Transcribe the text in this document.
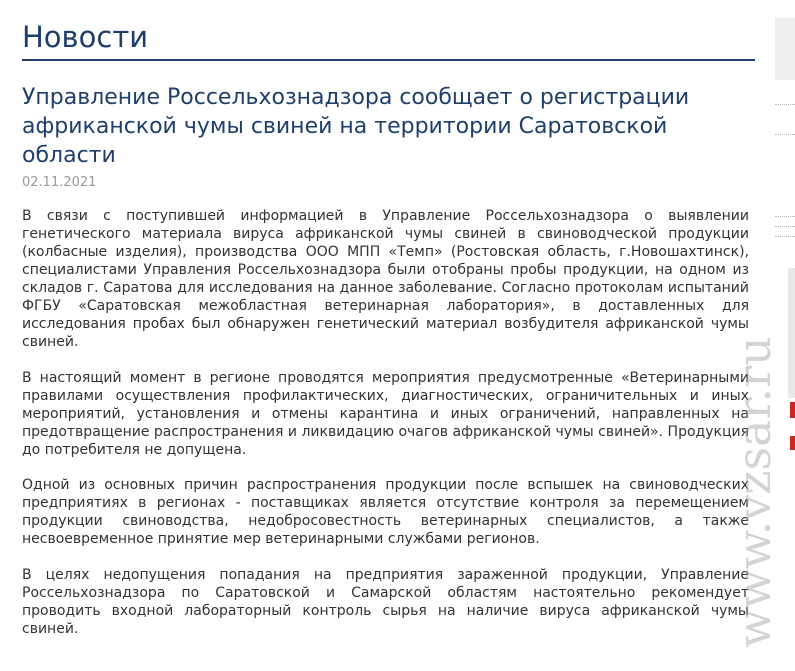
Новости
Управление Россельхознадзора сообщает о регистрации африканской чумы свиней на территории Саратовской области
02.11.2021

В связи с поступившей информацией в Управление Россельхознадзора о выявлении генетического материала вируса африканской чумы свиней в свиноводческой продукции (колбасные изделия), производства ООО МПП «Темп» (Ростовская область, г.Новошахтинск), специалистами Управления Россельхознадзора были отобраны пробы продукции, на одном из складов г. Саратова для исследования на данное заболевание. Согласно протоколам испытаний ФГБУ «Саратовская межобластная ветеринарная лаборатория», в доставленных для исследования пробах был обнаружен генетический материал возбудителя африканской чумы свиней.

В настоящий момент в регионе проводятся мероприятия предусмотренные «Ветеринарными правилами осуществления профилактических, диагностических, ограничительных и иных мероприятий, установления и отмены карантина и иных ограничений, направленных на предотвращение распространения и ликвидацию очагов африканской чумы свиней». Продукция до потребителя не допущена.

Одной из основных причин распространения продукции после вспышек на свиноводческих предприятиях в регионах - поставщиках является отсутствие контроля за перемещением продукции свиноводства, недобросовестность ветеринарных специалистов, а также несвоевременное принятие мер ветеринарными службами регионов.

В целях недопущения попадания на предприятия зараженной продукции, Управление Россельхознадзора по Саратовской и Самарской областям настоятельно рекомендует проводить входной лабораторный контроль сырья на наличие вируса африканской чумы свиней.	www.vzsar.ru
